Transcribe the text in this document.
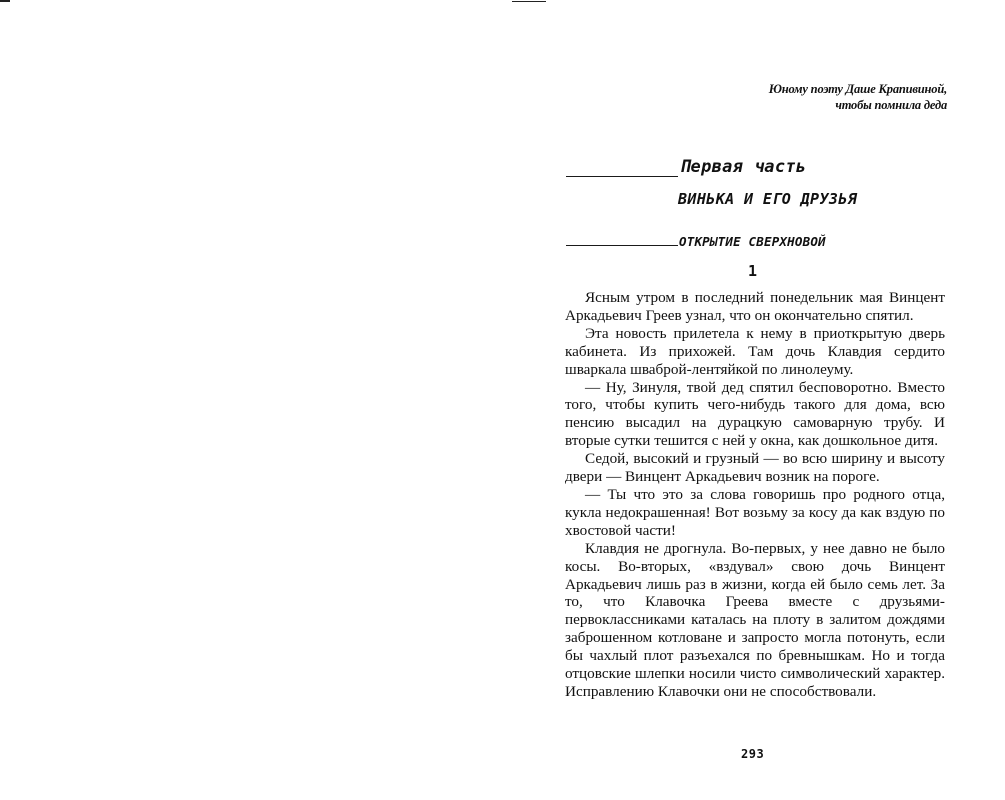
Юному поэту Даше Крапивиной,
чтобы помнила деда
Первая часть
ВИНЬКА И ЕГО ДРУЗЬЯ
ОТКРЫТИЕ СВЕРХНОВОЙ
1

Ясным утром в последний понедельник мая Винцент Аркадьевич Греев узнал, что он окончательно спятил.

Эта новость прилетела к нему в приоткрытую дверь кабинета. Из прихожей. Там дочь Клавдия сердито шваркала шваброй-лентяйкой по линолеуму.

— Ну, Зинуля, твой дед спятил бесповоротно. Вместо того, чтобы купить чего-нибудь такого для дома, всю пенсию высадил на дурацкую самоварную трубу. И вторые сутки тешится с ней у окна, как дошкольное дитя.

Седой, высокий и грузный — во всю ширину и высоту двери — Винцент Аркадьевич возник на пороге.

— Ты что это за слова говоришь про родного отца, кукла недокрашенная! Вот возьму за косу да как вздую по хвостовой части!

Клавдия не дрогнула. Во-первых, у нее давно не было косы. Во-вторых, «вздувал» свою дочь Винцент Аркадьевич лишь раз в жизни, когда ей было семь лет. За то, что Клавочка Греева вместе с друзьями-первоклассниками каталась на плоту в залитом дождями заброшенном котловане и запросто могла потонуть, если бы чахлый плот разъехался по бревнышкам. Но и тогда отцовские шлепки носили чисто символический характер. Исправлению Клавочки они не способствовали.

293
